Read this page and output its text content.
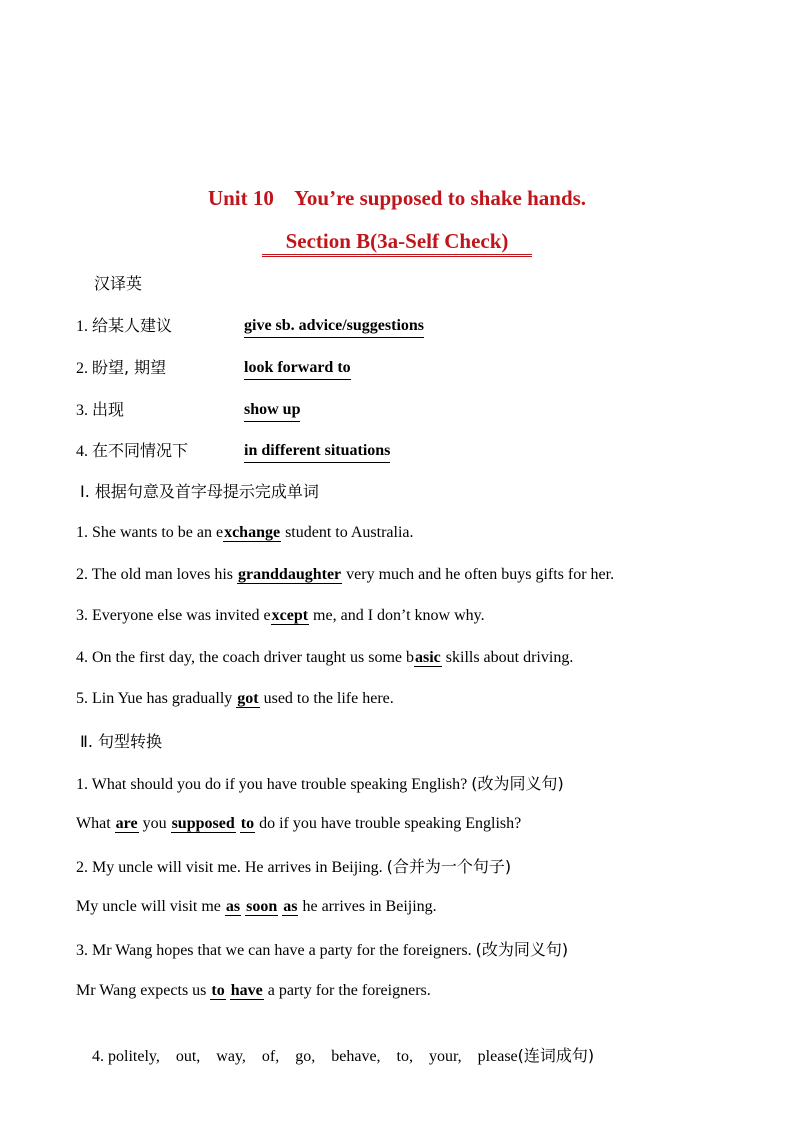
Unit 10    You’re supposed to shake hands.
Section B(3a-Self Check)
汉译英
1. 给某人建议	give sb. advice/suggestions
2. 盼望, 期望	look forward to
3. 出现	show up
4. 在不同情况下	in different situations
Ⅰ. 根据句意及首字母提示完成单词
1. She wants to be an exchange student to Australia.
2. The old man loves his granddaughter very much and he often buys gifts for her.
3. Everyone else was invited except me, and I don’t know why.
4. On the first day, the coach driver taught us some basic skills about driving.
5. Lin Yue has gradually got used to the life here.
Ⅱ. 句型转换
1. What should you do if you have trouble speaking English? (改为同义句)
What are you supposed to do if you have trouble speaking English?
2. My uncle will visit me. He arrives in Beijing. (合并为一个句子)
My uncle will visit me as soon as he arrives in Beijing.
3. Mr Wang hopes that we can have a party for the foreigners. (改为同义句)
Mr Wang expects us to have a party for the foreigners.

4. politely,    out,    way,    of,    go,    behave,    to,    your,    please(连词成句)
